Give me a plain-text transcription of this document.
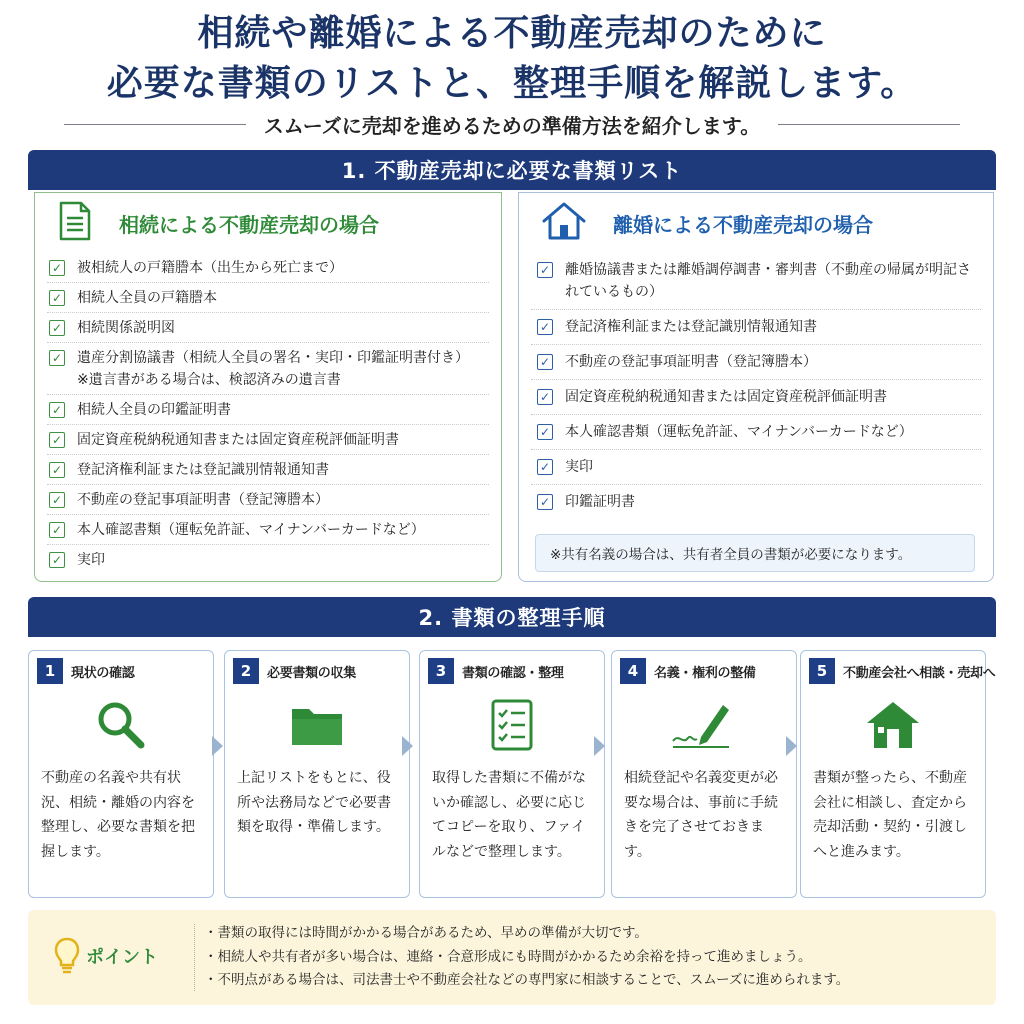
相続や離婚による不動産売却のために
必要な書類のリストと、整理手順を解説します。
スムーズに売却を進めるための準備方法を紹介します。
1. 不動産売却に必要な書類リスト
相続による不動産売却の場合
✓ 被相続人の戸籍謄本（出生から死亡まで）
✓ 相続人全員の戸籍謄本
✓ 相続関係説明図
✓ 遺産分割協議書（相続人全員の署名・実印・印鑑証明書付き）
※遺言書がある場合は、検認済みの遺言書
✓ 相続人全員の印鑑証明書
✓ 固定資産税納税通知書または固定資産税評価証明書
✓ 登記済権利証または登記識別情報通知書
✓ 不動産の登記事項証明書（登記簿謄本）
✓ 本人確認書類（運転免許証、マイナンバーカードなど）
✓ 実印
離婚による不動産売却の場合
✓ 離婚協議書または離婚調停調書・審判書（不動産の帰属が明記されているもの）
✓ 登記済権利証または登記識別情報通知書
✓ 不動産の登記事項証明書（登記簿謄本）
✓ 固定資産税納税通知書または固定資産税評価証明書
✓ 本人確認書類（運転免許証、マイナンバーカードなど）
✓ 実印
✓ 印鑑証明書
※共有名義の場合は、共有者全員の書類が必要になります。
2. 書類の整理手順
1	現状の確認
不動産の名義や共有状況、相続・離婚の内容を整理し、必要な書類を把握します。
2	必要書類の収集
上記リストをもとに、役所や法務局などで必要書類を取得・準備します。
3	書類の確認・整理
取得した書類に不備がないか確認し、必要に応じてコピーを取り、ファイルなどで整理します。
4	名義・権利の整備
相続登記や名義変更が必要な場合は、事前に手続きを完了させておきます。
5	不動産会社へ相談・売却へ
書類が整ったら、不動産会社に相談し、査定から売却活動・契約・引渡しへと進みます。
ポイント
・ 書類の取得には時間がかかる場合があるため、早めの準備が大切です。
・ 相続人や共有者が多い場合は、連絡・合意形成にも時間がかかるため余裕を持って進めましょう。
・ 不明点がある場合は、司法書士や不動産会社などの専門家に相談することで、スムーズに進められます。
